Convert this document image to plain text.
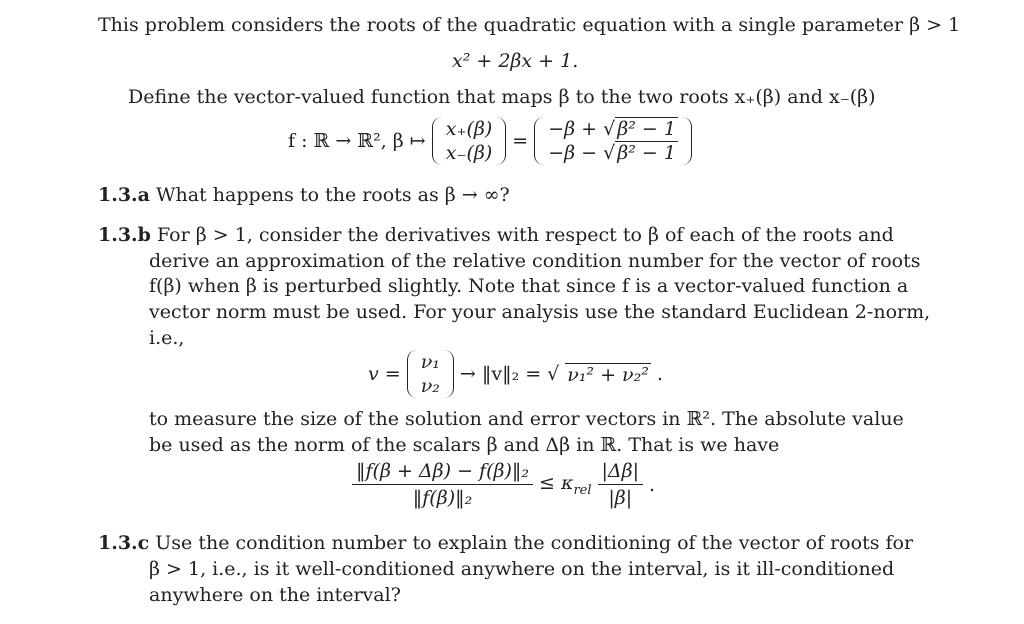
This problem considers the roots of the quadratic equation with a single parameter β > 1
x² + 2βx + 1.
Define the vector-valued function that maps β to the two roots x₊(β) and x₋(β)
f : ℝ → ℝ², β ↦
x₊(β)
x₋(β)
=
−β + √ β² − 1
−β − √ β² − 1
1.3.a What happens to the roots as β → ∞?
1.3.b For β > 1, consider the derivatives with respect to β of each of the roots and
derive an approximation of the relative condition number for the vector of roots
f(β) when β is perturbed slightly. Note that since f is a vector-valued function a
vector norm must be used. For your analysis use the standard Euclidean 2-norm,
i.e.,
v =
ν₁
ν₂
→ ‖v‖₂ = √ ν₁² + ν₂² .
to measure the size of the solution and error vectors in ℝ². The absolute value
be used as the norm of the scalars β and Δβ in ℝ. That is we have
$\frac{\text{‖f(β + Δβ) − f(β)‖₂}}{\text{‖f(β)‖₂}} \le \kappa_{rel} \frac{|\Delta\beta|}{|\beta|}$ .
1.3.c Use the condition number to explain the conditioning of the vector of roots for
β > 1, i.e., is it well-conditioned anywhere on the interval, is it ill-conditioned
anywhere on the interval?
